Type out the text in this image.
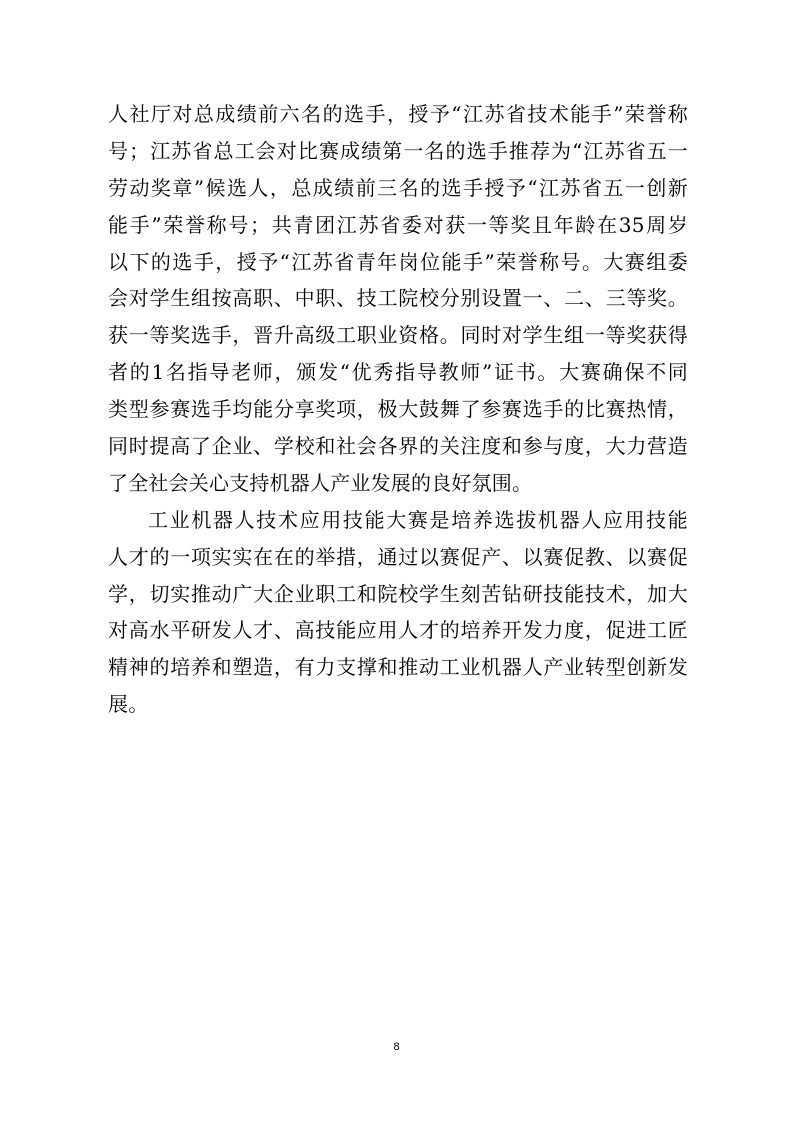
人社厅对总成绩前六名的选手，授予“江苏省技术能手”荣誉称
号；江苏省总工会对比赛成绩第一名的选手推荐为“江苏省五一
劳动奖章”候选人，总成绩前三名的选手授予“江苏省五一创新
能手”荣誉称号；共青团江苏省委对获一等奖且年龄在35周岁
以下的选手，授予“江苏省青年岗位能手”荣誉称号。大赛组委
会对学生组按高职、中职、技工院校分别设置一、二、三等奖。
获一等奖选手，晋升高级工职业资格。同时对学生组一等奖获得
者的1名指导老师，颁发“优秀指导教师”证书。大赛确保不同
类型参赛选手均能分享奖项，极大鼓舞了参赛选手的比赛热情，
同时提高了企业、学校和社会各界的关注度和参与度，大力营造
了全社会关心支持机器人产业发展的良好氛围。
工业机器人技术应用技能大赛是培养选拔机器人应用技能
人才的一项实实在在的举措，通过以赛促产、以赛促教、以赛促
学，切实推动广大企业职工和院校学生刻苦钻研技能技术，加大
对高水平研发人才、高技能应用人才的培养开发力度，促进工匠
精神的培养和塑造，有力支撑和推动工业机器人产业转型创新发
展。
8
